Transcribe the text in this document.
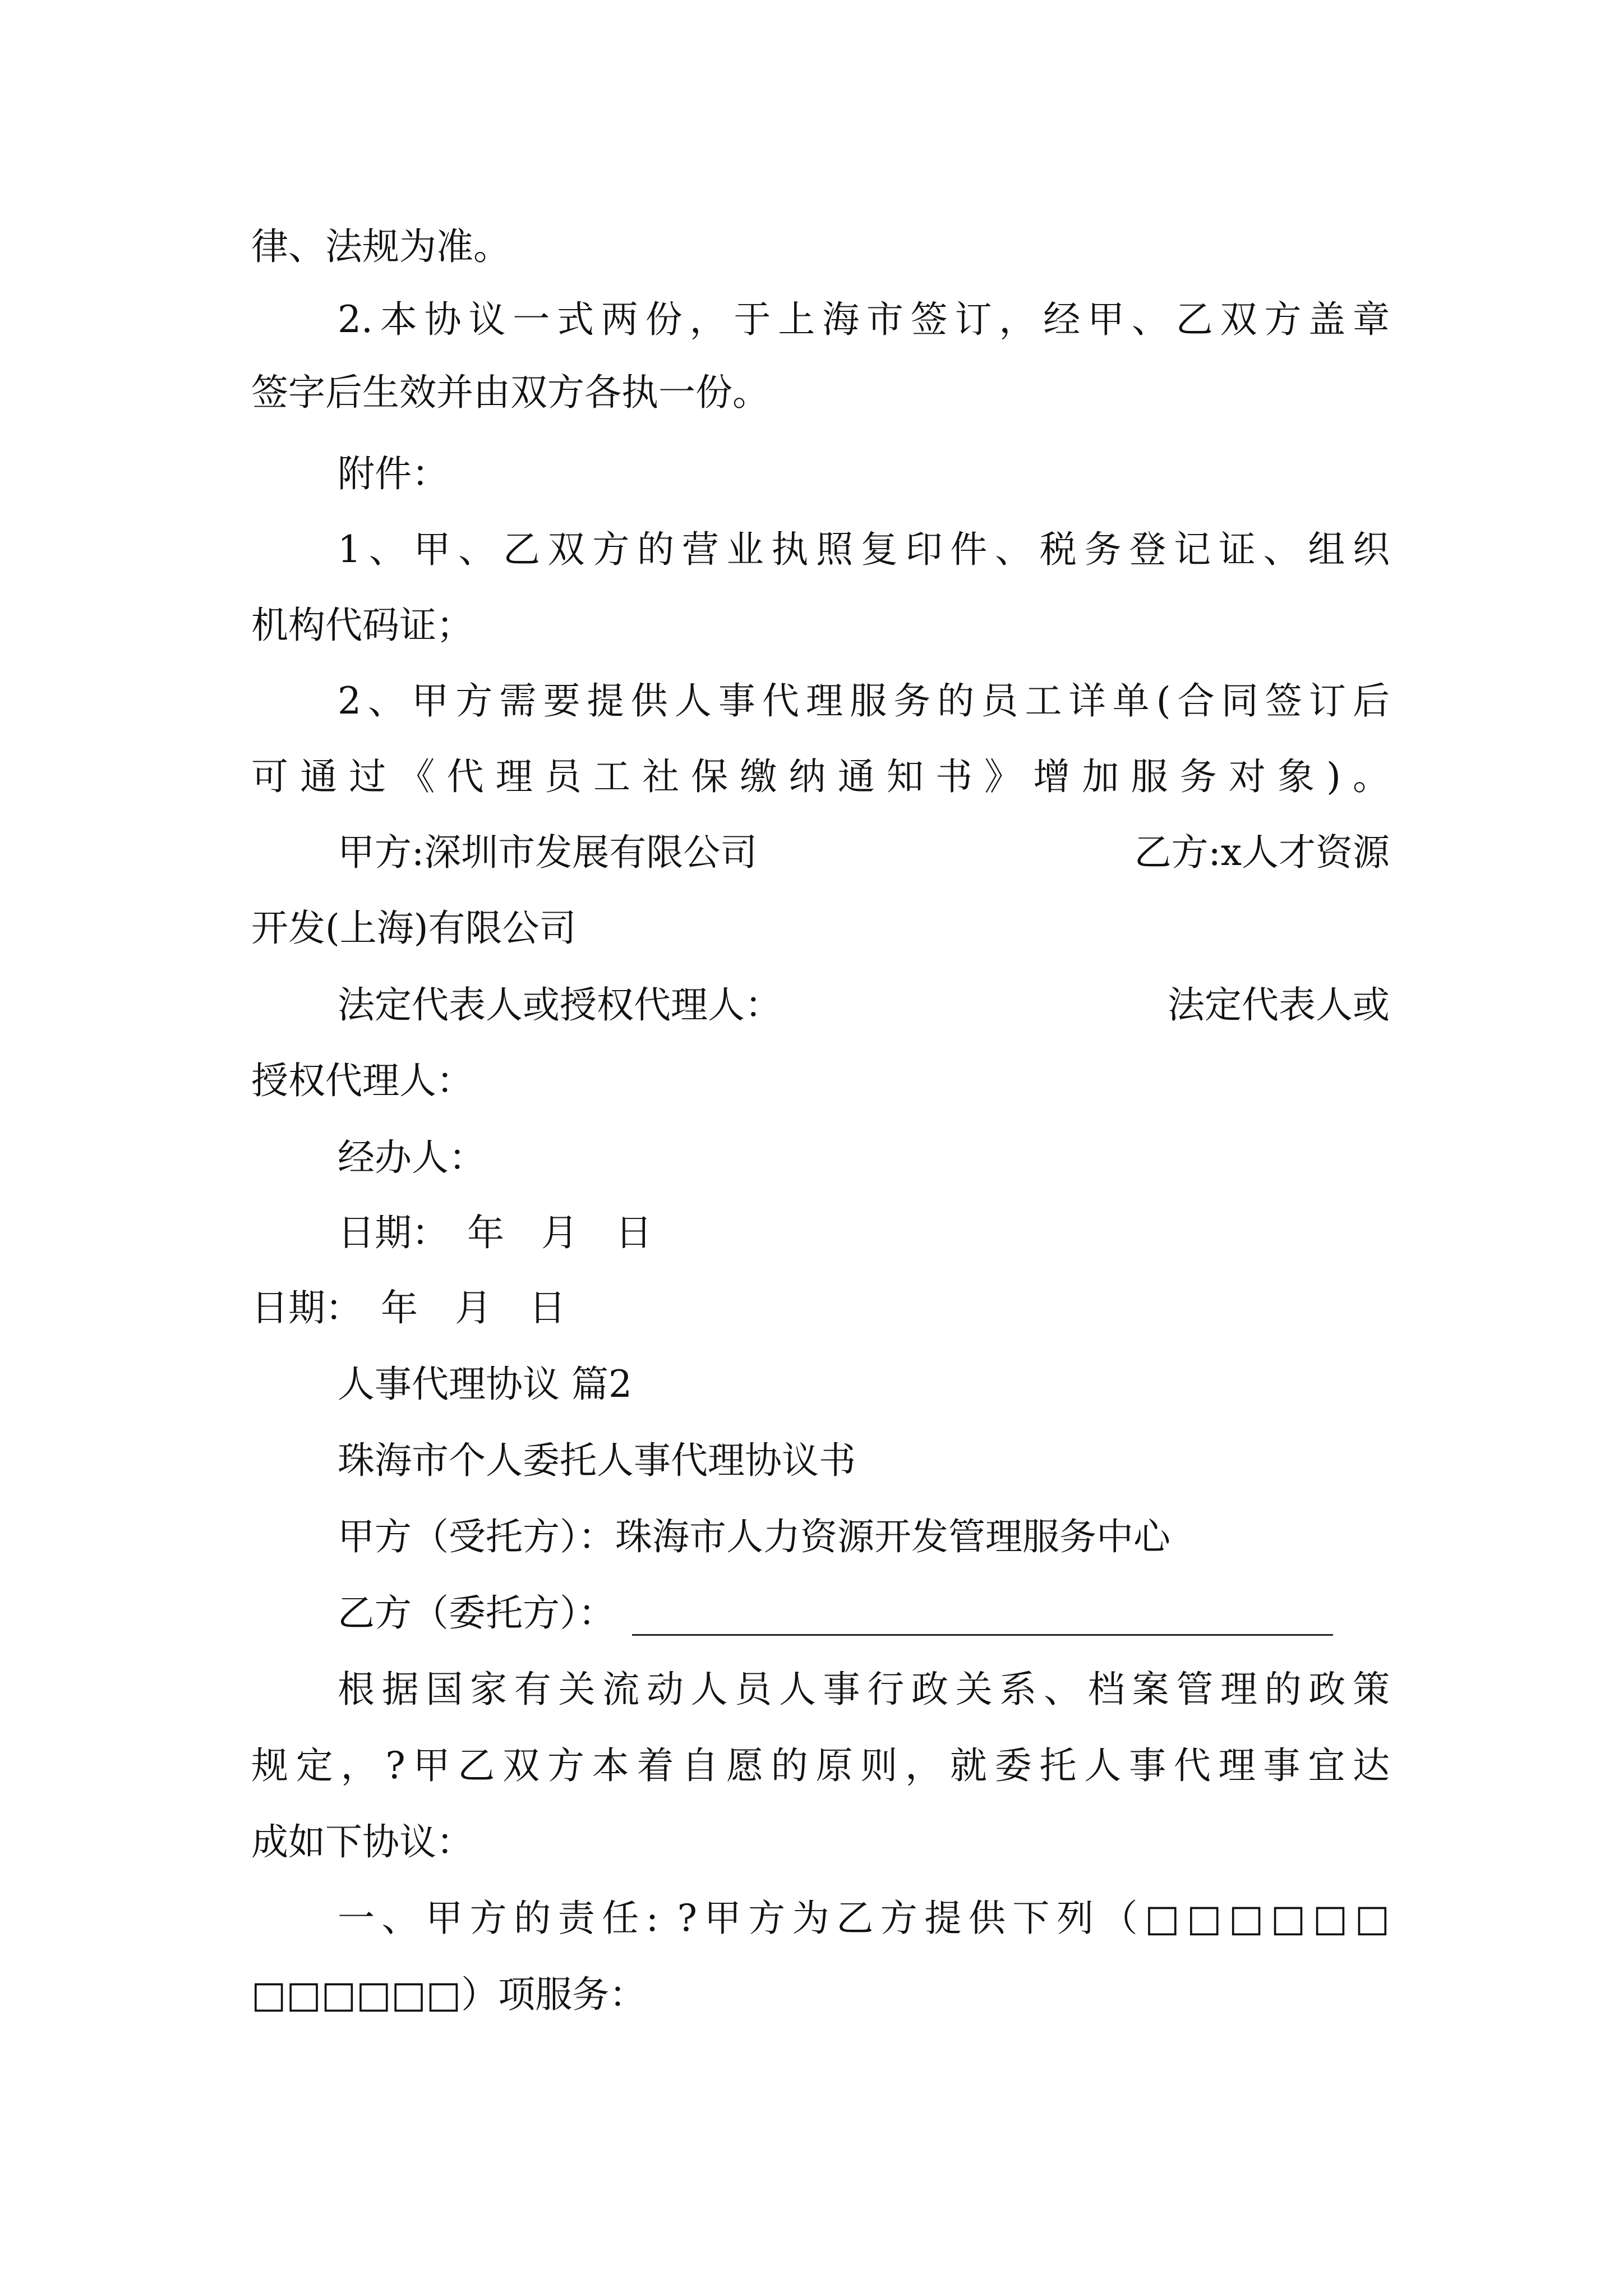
律、法规为准。
2.本协议一式两份，于上海市签订，经甲、乙双方盖章
签字后生效并由双方各执一份。
附件：
1、甲、乙双方的营业执照复印件、税务登记证、组织
机构代码证；
2、甲方需要提供人事代理服务的员工详单(合同签订后
可通过《代理员工社保缴纳通知书》增加服务对象)。
甲方:深圳市发展有限公司	乙方:x人才资源
开发(上海)有限公司
法定代表人或授权代理人：	法定代表人或
授权代理人：
经办人：
日期：　年　月　日
日期：　年　月　日
人事代理协议 篇2
珠海市个人委托人事代理协议书
甲方（受托方）：珠海市人力资源开发管理服务中心
乙方（委托方）：
根据国家有关流动人员人事行政关系、档案管理的政策
规定，?甲乙双方本着自愿的原则，就委托人事代理事宜达
成如下协议：
一、甲方的责任: ?甲方为乙方提供下列（□□□□□□
□□□□□□）项服务：
